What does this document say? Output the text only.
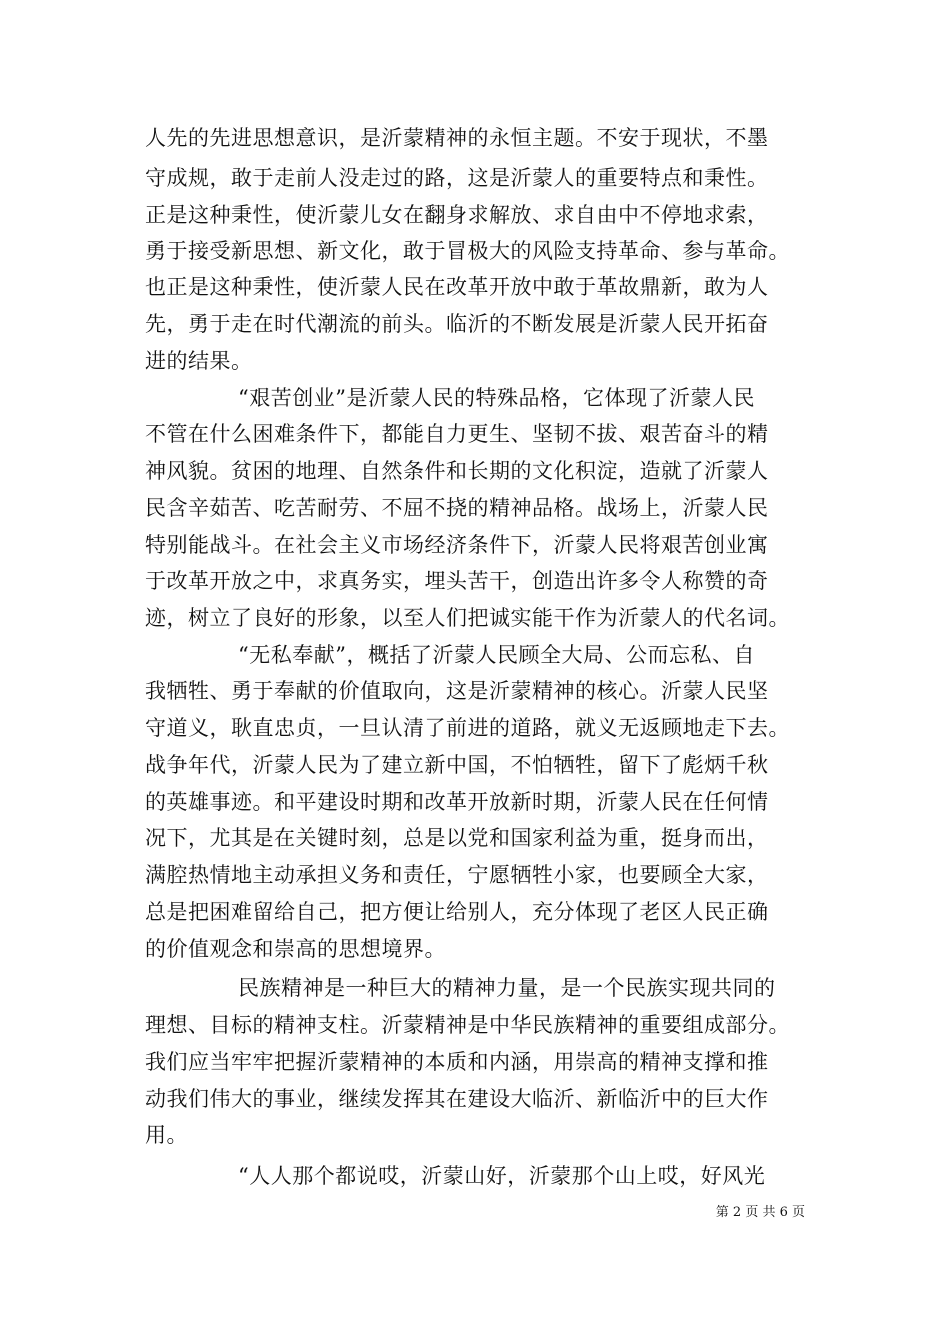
人先的先进思想意识，是沂蒙精神的永恒主题。不安于现状，不墨
守成规，敢于走前人没走过的路，这是沂蒙人的重要特点和秉性。
正是这种秉性，使沂蒙儿女在翻身求解放、求自由中不停地求索，
勇于接受新思想、新文化，敢于冒极大的风险支持革命、参与革命。
也正是这种秉性，使沂蒙人民在改革开放中敢于革故鼎新，敢为人
先，勇于走在时代潮流的前头。临沂的不断发展是沂蒙人民开拓奋
进的结果。
“艰苦创业”是沂蒙人民的特殊品格，它体现了沂蒙人民
不管在什么困难条件下，都能自力更生、坚韧不拔、艰苦奋斗的精
神风貌。贫困的地理、自然条件和长期的文化积淀，造就了沂蒙人
民含辛茹苦、吃苦耐劳、不屈不挠的精神品格。战场上，沂蒙人民
特别能战斗。在社会主义市场经济条件下，沂蒙人民将艰苦创业寓
于改革开放之中，求真务实，埋头苦干，创造出许多令人称赞的奇
迹，树立了良好的形象，以至人们把诚实能干作为沂蒙人的代名词。
“无私奉献”，概括了沂蒙人民顾全大局、公而忘私、自
我牺牲、勇于奉献的价值取向，这是沂蒙精神的核心。沂蒙人民坚
守道义，耿直忠贞，一旦认清了前进的道路，就义无返顾地走下去。
战争年代，沂蒙人民为了建立新中国，不怕牺牲，留下了彪炳千秋
的英雄事迹。和平建设时期和改革开放新时期，沂蒙人民在任何情
况下，尤其是在关键时刻，总是以党和国家利益为重，挺身而出，
满腔热情地主动承担义务和责任，宁愿牺牲小家，也要顾全大家，
总是把困难留给自己，把方便让给别人，充分体现了老区人民正确
的价值观念和崇高的思想境界。
民族精神是一种巨大的精神力量，是一个民族实现共同的
理想、目标的精神支柱。沂蒙精神是中华民族精神的重要组成部分。
我们应当牢牢把握沂蒙精神的本质和内涵，用崇高的精神支撑和推
动我们伟大的事业，继续发挥其在建设大临沂、新临沂中的巨大作
用。
“人人那个都说哎，沂蒙山好，沂蒙那个山上哎，好风光
第 2 页 共 6 页
